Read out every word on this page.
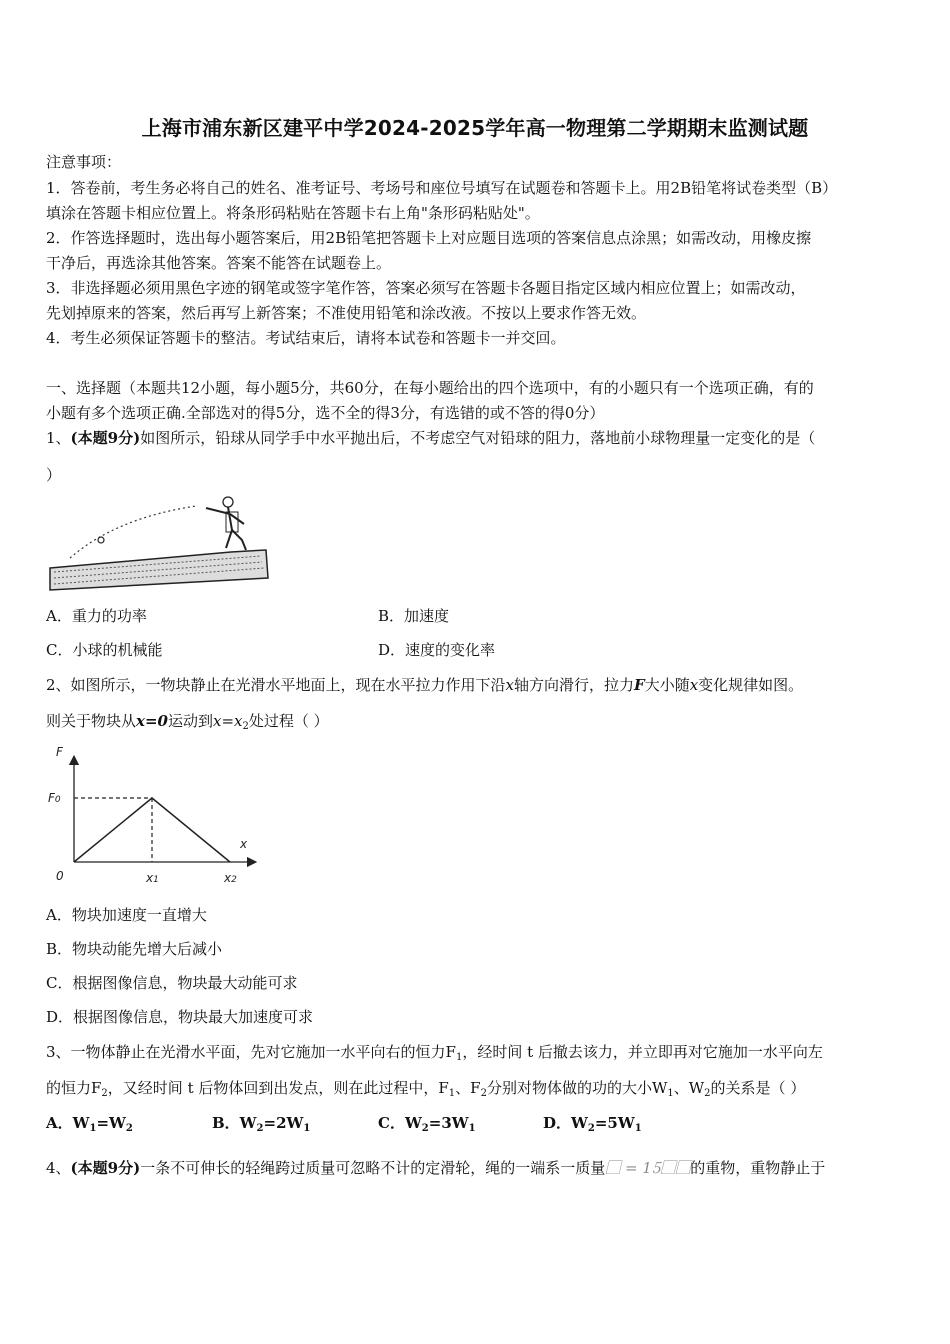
上海市浦东新区建平中学2024-2025学年高一物理第二学期期末监测试题
注意事项：
1．答卷前，考生务必将自己的姓名、准考证号、考场号和座位号填写在试题卷和答题卡上。用2B铅笔将试卷类型（B）
填涂在答题卡相应位置上。将条形码粘贴在答题卡右上角"条形码粘贴处"。
2．作答选择题时，选出每小题答案后，用2B铅笔把答题卡上对应题目选项的答案信息点涂黑；如需改动，用橡皮擦
干净后，再选涂其他答案。答案不能答在试题卷上。
3．非选择题必须用黑色字迹的钢笔或签字笔作答，答案必须写在答题卡各题目指定区域内相应位置上；如需改动，
先划掉原来的答案，然后再写上新答案；不准使用铅笔和涂改液。不按以上要求作答无效。
4．考生必须保证答题卡的整洁。考试结束后，请将本试卷和答题卡一并交回。
一、选择题（本题共12小题，每小题5分，共60分，在每小题给出的四个选项中，有的小题只有一个选项正确，有的
小题有多个选项正确.全部选对的得5分，选不全的得3分，有选错的或不答的得0分）
1、(本题9分)如图所示，铅球从同学手中水平抛出后，不考虑空气对铅球的阻力，落地前小球物理量一定变化的是（
）
A．重力的功率	B．加速度
C．小球的机械能	D．速度的变化率
2、如图所示，一物块静止在光滑水平地面上，现在水平拉力作用下沿x轴方向滑行，拉力F大小随x变化规律如图。
则关于物块从x=0运动到$x=x_2$处过程（ ）
F
F0
0
x
x1	x2
A．物块加速度一直增大
B．物块动能先增大后减小
C．根据图像信息，物块最大动能可求
D．根据图像信息，物块最大加速度可求
3、一物体静止在光滑水平面，先对它施加一水平向右的恒力$F_1$，经时间 t 后撤去该力，并立即再对它施加一水平向左
的恒力$F_2$，又经时间 t 后物体回到出发点，则在此过程中，$F_1$、$F_2$分别对物体做的功的大小$W_1$、$W_2$的关系是（ ）
A．$W_1=W_2$	B．$W_2=2W_1$	C．$W_2=3W_1$	D．$W_2=5W_1$
4、(本题9分)一条不可伸长的轻绳跨过质量可忽略不计的定滑轮，绳的一端系一质量⃞ = 15⃞⃞的重物，重物静止于
